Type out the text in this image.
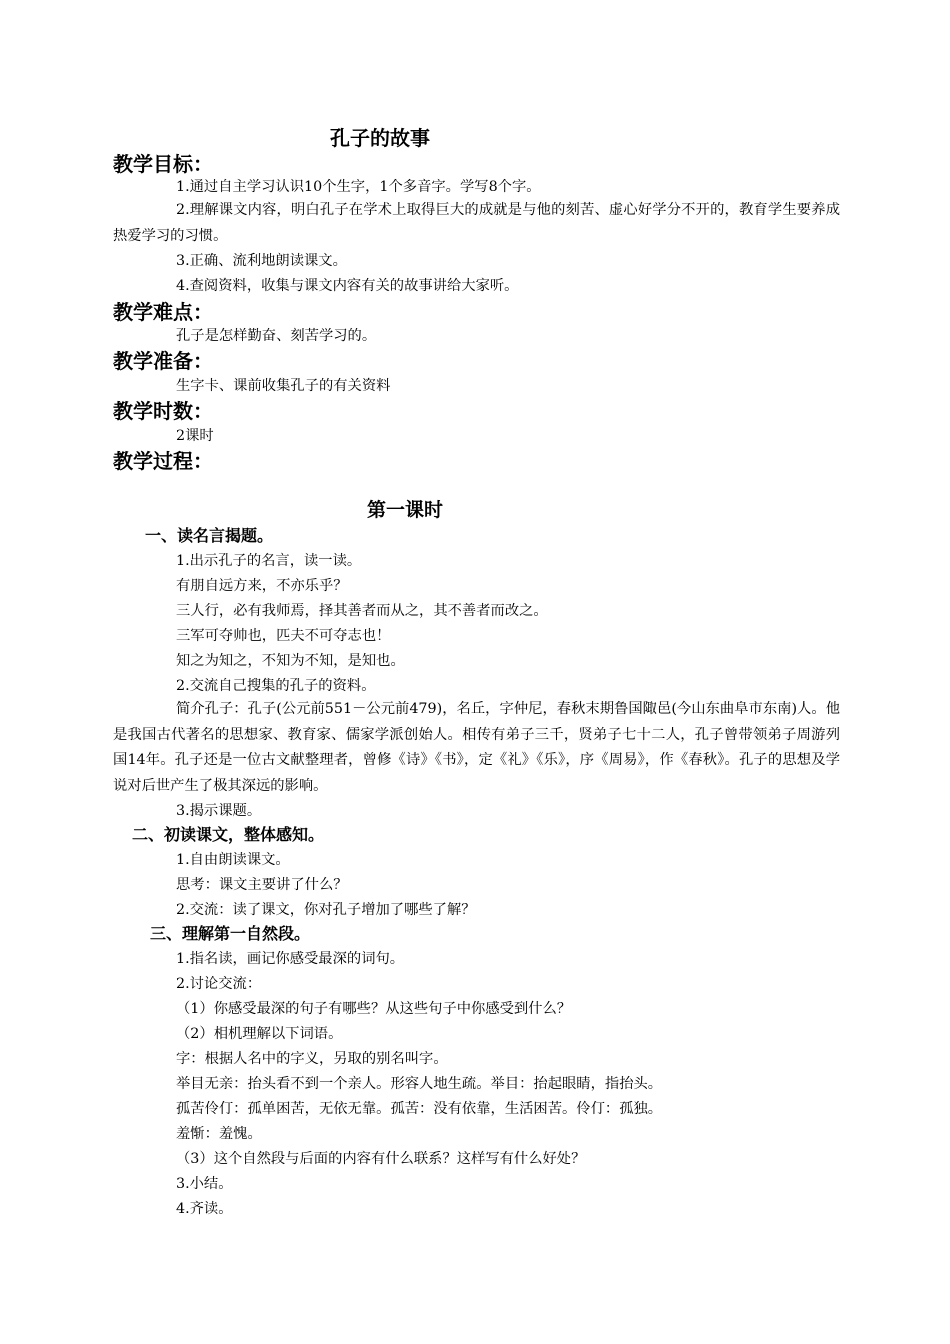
孔子的故事
教学目标：
1.通过自主学习认识10个生字，1个多音字。学写8个字。
2.理解课文内容，明白孔子在学术上取得巨大的成就是与他的刻苦、虚心好学分不开的，教育学生要养成热爱学习的习惯。
3.正确、流利地朗读课文。
4.查阅资料，收集与课文内容有关的故事讲给大家听。
教学难点：
孔子是怎样勤奋、刻苦学习的。
教学准备：
生字卡、课前收集孔子的有关资料
教学时数：
2课时
教学过程：
第一课时
一、读名言揭题。
1.出示孔子的名言，读一读。
有朋自远方来，不亦乐乎？
三人行，必有我师焉，择其善者而从之，其不善者而改之。
三军可夺帅也，匹夫不可夺志也！
知之为知之，不知为不知，是知也。
2.交流自己搜集的孔子的资料。
简介孔子：孔子(公元前551－公元前479)，名丘，字仲尼，春秋末期鲁国陬邑(今山东曲阜市东南)人。他是我国古代著名的思想家、教育家、儒家学派创始人。相传有弟子三千，贤弟子七十二人，孔子曾带领弟子周游列国14年。孔子还是一位古文献整理者，曾修《诗》《书》，定《礼》《乐》，序《周易》，作《春秋》。孔子的思想及学说对后世产生了极其深远的影响。
3.揭示课题。
二、初读课文，整体感知。
1.自由朗读课文。
思考：课文主要讲了什么？
2.交流：读了课文，你对孔子增加了哪些了解？
三、理解第一自然段。
1.指名读，画记你感受最深的词句。
2.讨论交流：
（1）你感受最深的句子有哪些？从这些句子中你感受到什么？
（2）相机理解以下词语。
字：根据人名中的字义，另取的别名叫字。
举目无亲：抬头看不到一个亲人。形容人地生疏。举目：抬起眼睛，指抬头。
孤苦伶仃：孤单困苦，无依无靠。孤苦：没有依靠，生活困苦。伶仃：孤独。
羞惭：羞愧。
（3）这个自然段与后面的内容有什么联系？这样写有什么好处？
3.小结。
4.齐读。
